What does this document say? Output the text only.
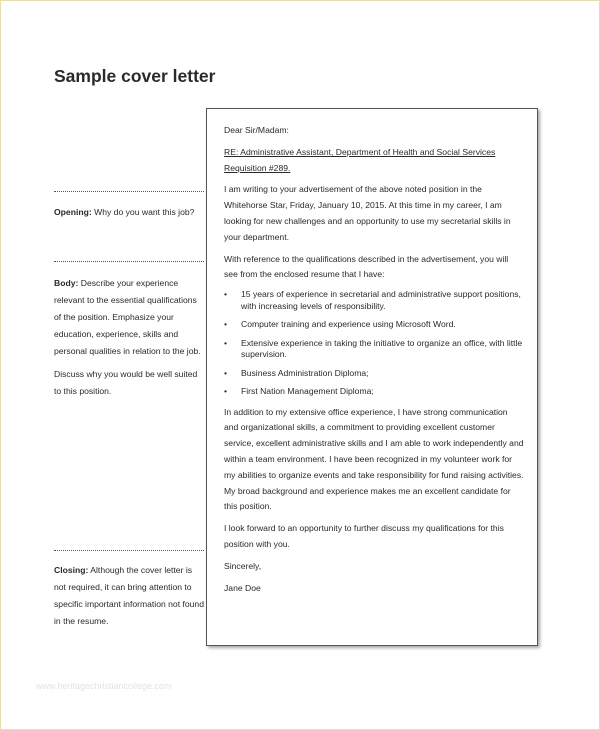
Sample cover letter

Opening: Why do you want this job?

Body: Describe your experience relevant to the essential qualifications of the position. Emphasize your education, experience, skills and personal qualities in relation to the job.

Discuss why you would be well suited to this position.

Closing: Although the cover letter is not required, it can bring attention to specific important information not found in the resume.

Dear Sir/Madam:

RE: Administrative Assistant, Department of Health and Social Services Requisition #289.

I am writing to your advertisement of the above noted position in the Whitehorse Star, Friday, January 10, 2015. At this time in my career, I am looking for new challenges and an opportunity to use my secretarial skills in your department.

With reference to the qualifications described in the advertisement, you will see from the enclosed resume that I have:

• 15 years of experience in secretarial and administrative support positions, with increasing levels of responsibility.
• Computer training and experience using Microsoft Word.
• Extensive experience in taking the initiative to organize an office, with little supervision.
• Business Administration Diploma;
• First Nation Management Diploma;

In addition to my extensive office experience, I have strong communication and organizational skills, a commitment to providing excellent customer service, excellent administrative skills and I am able to work independently and within a team environment. I have been recognized in my volunteer work for my abilities to organize events and take responsibility for fund raising activities. My broad background and experience makes me an excellent candidate for this position.

I look forward to an opportunity to further discuss my qualifications for this position with you.

Sincerely,

Jane Doe

www.heritagechristiancollege.com
